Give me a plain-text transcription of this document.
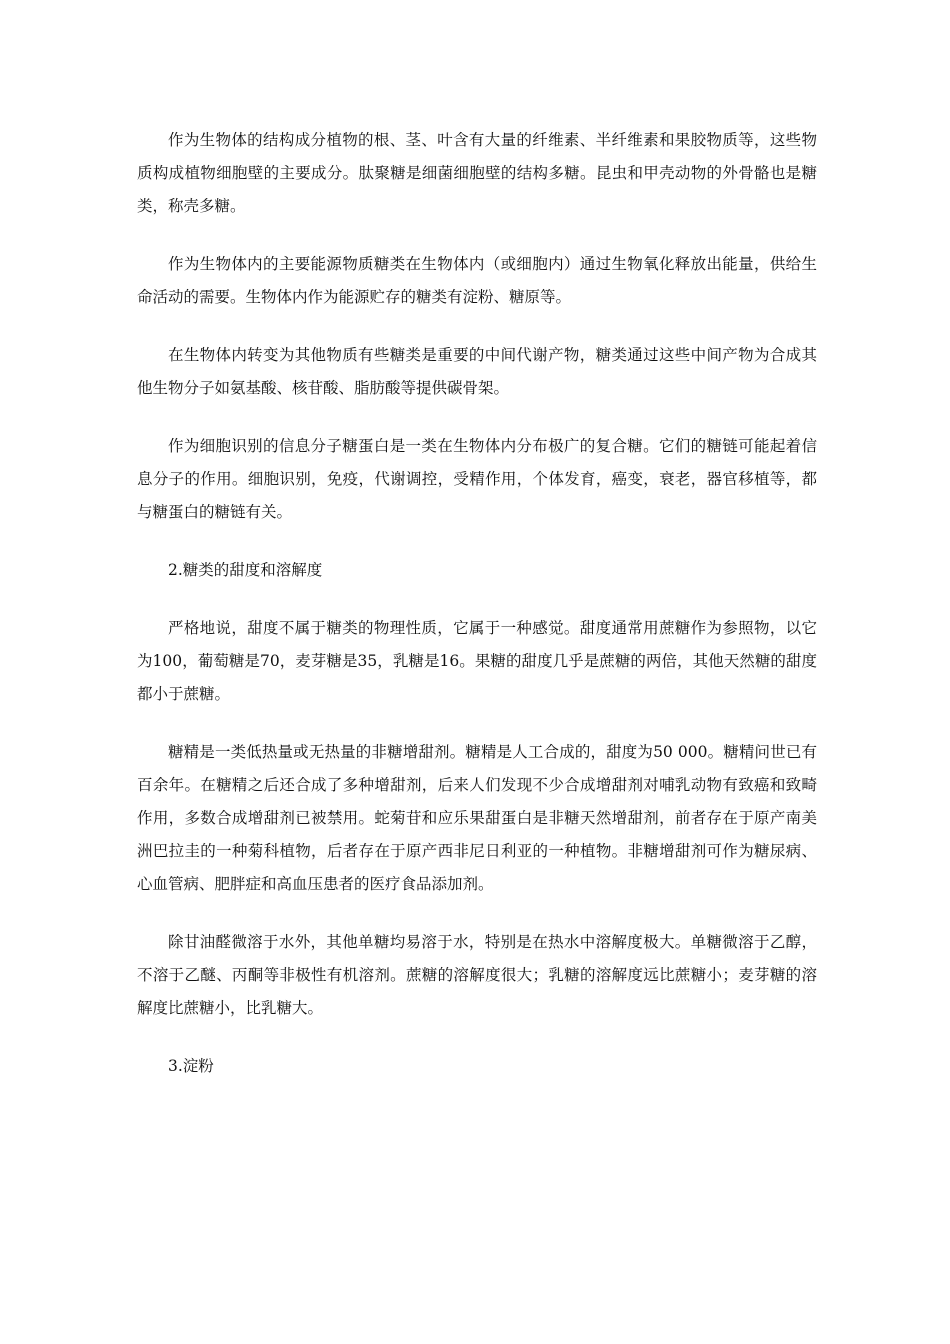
作为生物体的结构成分植物的根、茎、叶含有大量的纤维素、半纤维素和果胶物质等，这些物质构成植物细胞壁的主要成分。肽聚糖是细菌细胞壁的结构多糖。昆虫和甲壳动物的外骨骼也是糖类，称壳多糖。

作为生物体内的主要能源物质糖类在生物体内（或细胞内）通过生物氧化释放出能量，供给生命活动的需要。生物体内作为能源贮存的糖类有淀粉、糖原等。

在生物体内转变为其他物质有些糖类是重要的中间代谢产物，糖类通过这些中间产物为合成其他生物分子如氨基酸、核苷酸、脂肪酸等提供碳骨架。

作为细胞识别的信息分子糖蛋白是一类在生物体内分布极广的复合糖。它们的糖链可能起着信息分子的作用。细胞识别，免疫，代谢调控，受精作用，个体发育，癌变，衰老，器官移植等，都与糖蛋白的糖链有关。

2.糖类的甜度和溶解度

严格地说，甜度不属于糖类的物理性质，它属于一种感觉。甜度通常用蔗糖作为参照物，以它为100，葡萄糖是70，麦芽糖是35，乳糖是16。果糖的甜度几乎是蔗糖的两倍，其他天然糖的甜度都小于蔗糖。

糖精是一类低热量或无热量的非糖增甜剂。糖精是人工合成的，甜度为50 000。糖精问世已有百余年。在糖精之后还合成了多种增甜剂，后来人们发现不少合成增甜剂对哺乳动物有致癌和致畸作用，多数合成增甜剂已被禁用。蛇菊苷和应乐果甜蛋白是非糖天然增甜剂，前者存在于原产南美洲巴拉圭的一种菊科植物，后者存在于原产西非尼日利亚的一种植物。非糖增甜剂可作为糖尿病、心血管病、肥胖症和高血压患者的医疗食品添加剂。

除甘油醛微溶于水外，其他单糖均易溶于水，特别是在热水中溶解度极大。单糖微溶于乙醇，不溶于乙醚、丙酮等非极性有机溶剂。蔗糖的溶解度很大；乳糖的溶解度远比蔗糖小；麦芽糖的溶解度比蔗糖小，比乳糖大。

3.淀粉
